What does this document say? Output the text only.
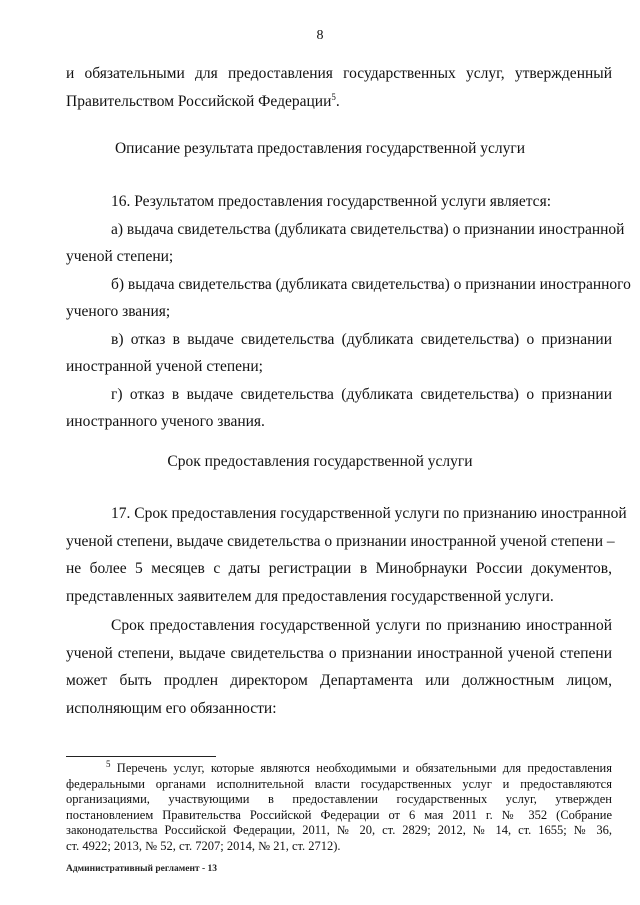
8
и обязательными для предоставления государственных услуг, утвержденный
Правительством Российской Федерации$^5$.
Описание результата предоставления государственной услуги
16. Результатом предоставления государственной услуги является:
а) выдача свидетельства (дубликата свидетельства) о признании иностранной
ученой степени;
б) выдача свидетельства (дубликата свидетельства) о признании иностранного
ученого звания;
в) отказ в выдаче свидетельства (дубликата свидетельства) о признании
иностранной ученой степени;
г) отказ в выдаче свидетельства (дубликата свидетельства) о признании
иностранного ученого звания.
Срок предоставления государственной услуги
17. Срок предоставления государственной услуги по признанию иностранной
ученой степени, выдаче свидетельства о признании иностранной ученой степени –
не более 5 месяцев с даты регистрации в Минобрнауки России документов,
представленных заявителем для предоставления государственной услуги.
Срок предоставления государственной услуги по признанию иностранной
ученой степени, выдаче свидетельства о признании иностранной ученой степени
может быть продлен директором Департамента или должностным лицом,
исполняющим его обязанности:
$^5$ Перечень услуг, которые являются необходимыми и обязательными для предоставления
федеральными органами исполнительной власти государственных услуг и предоставляются
организациями, участвующими в предоставлении государственных услуг, утвержден
постановлением Правительства Российской Федерации от 6 мая 2011 г. № 352 (Собрание
законодательства Российской Федерации, 2011, № 20, ст. 2829; 2012, № 14, ст. 1655; № 36,
ст. 4922; 2013, № 52, ст. 7207; 2014, № 21, ст. 2712).
Административный регламент - 13
